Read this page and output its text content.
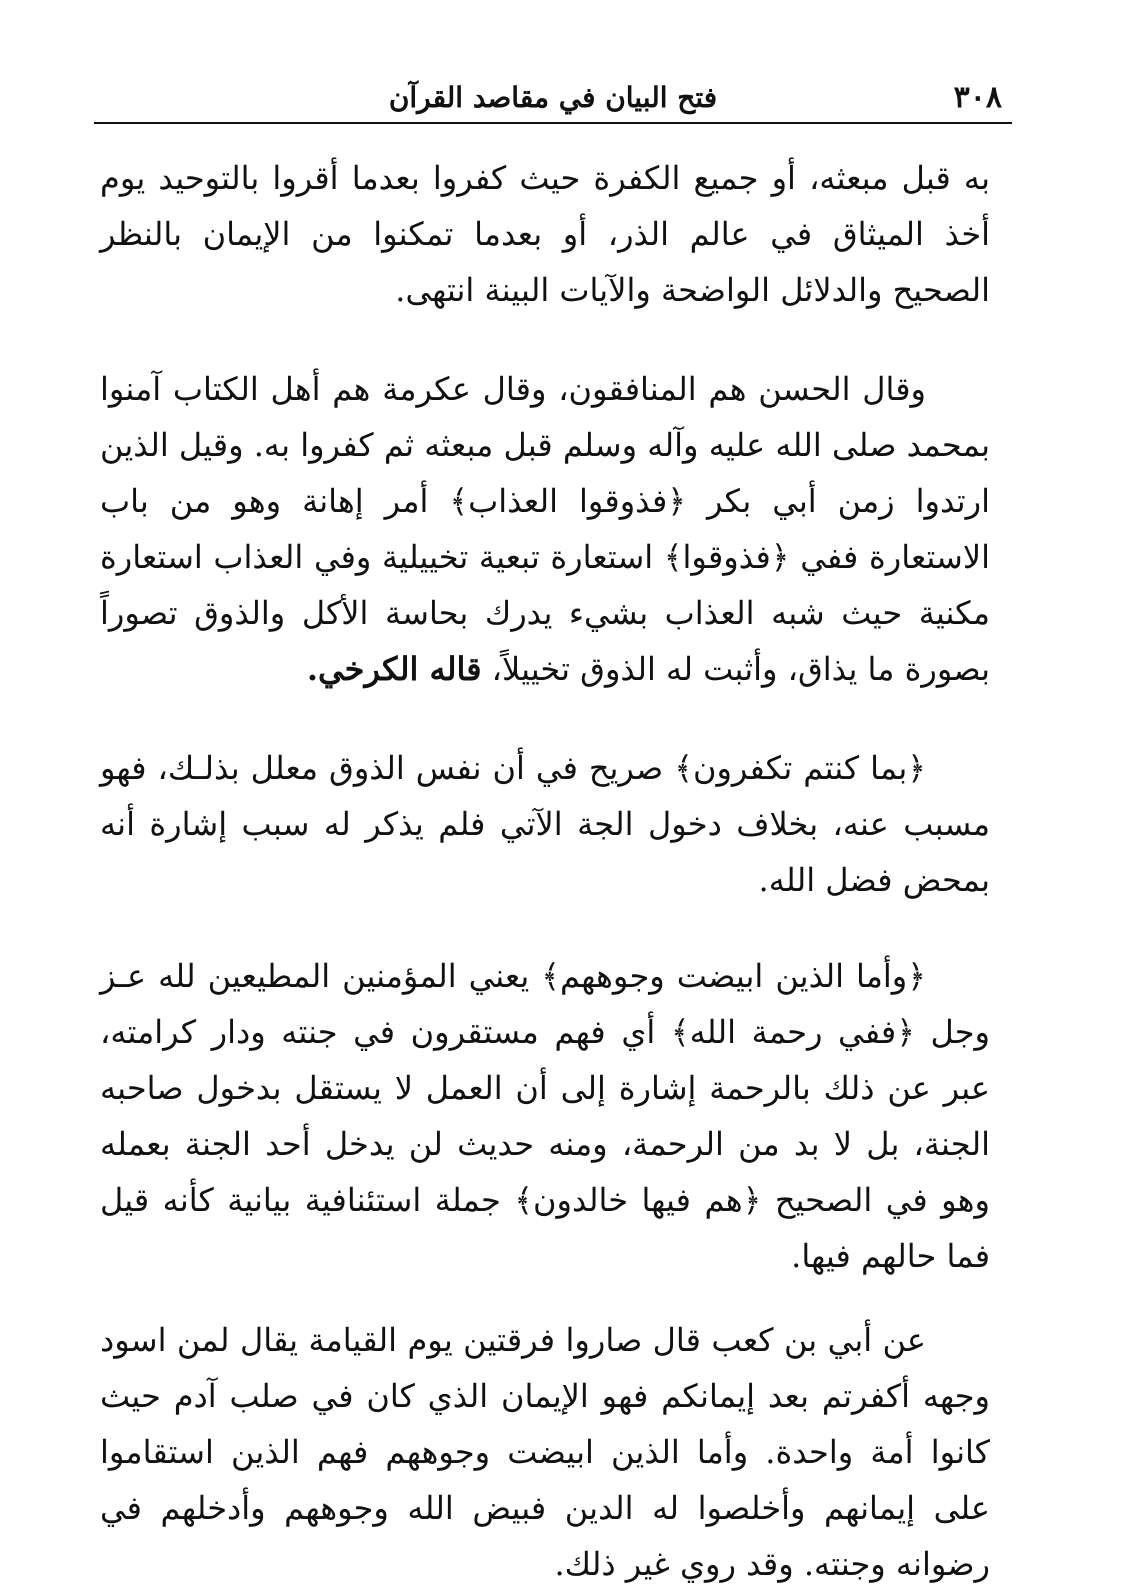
٣٠٨
فتح البيان في مقاصد القرآن

به قبل مبعثه، أو جميع الكفرة حيث كفروا بعدما أقروا بالتوحيد يوم أخذ الميثاق في عالم الذر، أو بعدما تمكنوا من الإيمان بالنظر الصحيح والدلائل الواضحة والآيات البينة انتهى.

وقال الحسن هم المنافقون، وقال عكرمة هم أهل الكتاب آمنوا بمحمد صلى الله عليه وآله وسلم قبل مبعثه ثم كفروا به. وقيل الذين ارتدوا زمن أبي بكر ﴿فذوقوا العذاب﴾ أمر إهانة وهو من باب الاستعارة ففي ﴿فذوقوا﴾ استعارة تبعية تخييلية وفي العذاب استعارة مكنية حيث شبه العذاب بشيء يدرك بحاسة الأكل والذوق تصوراً بصورة ما يذاق، وأثبت له الذوق تخييلاً، قاله الكرخي.

﴿بما كنتم تكفرون﴾ صريح في أن نفس الذوق معلل بذلـك، فهو مسبب عنه، بخلاف دخول الجة الآتي فلم يذكر له سبب إشارة أنه بمحض فضل الله.

﴿وأما الذين ابيضت وجوههم﴾ يعني المؤمنين المطيعين لله عـز وجل ﴿ففي رحمة الله﴾ أي فهم مستقرون في جنته ودار كرامته، عبر عن ذلك بالرحمة إشارة إلى أن العمل لا يستقل بدخول صاحبه الجنة، بل لا بد من الرحمة، ومنه حديث لن يدخل أحد الجنة بعمله وهو في الصحيح ﴿هم فيها خالدون﴾ جملة استئنافية بيانية كأنه قيل فما حالهم فيها.

عن أبي بن كعب قال صاروا فرقتين يوم القيامة يقال لمن اسود وجهه أكفرتم بعد إيمانكم فهو الإيمان الذي كان في صلب آدم حيث كانوا أمة واحدة. وأما الذين ابيضت وجوههم فهم الذين استقاموا على إيمانهم وأخلصوا له الدين فبيض الله وجوههم وأدخلهم في رضوانه وجنته. وقد روي غير ذلك.
